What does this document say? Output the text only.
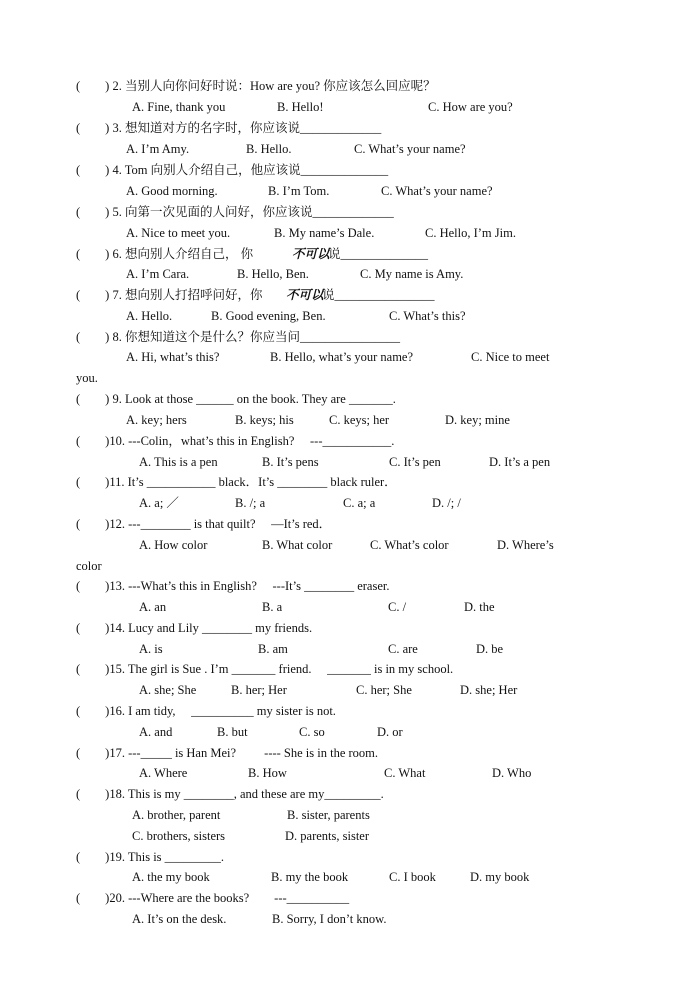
(　　) 2. 当别人向你问好时说：How are you? 你应该怎么回应呢？
A. Fine, thank you	B. Hello!	C. How are you?
(　　) 3. 想知道对方的名字时，你应该说_____________
A. I’m Amy.	B. Hello.	C. What’s your name?
(　　) 4. Tom 向别人介绍自己，他应该说______________
A. Good morning.	B. I’m Tom.	C. What’s your name?
(　　) 5. 向第一次见面的人问好，你应该说_____________
A. Nice to meet you.	B. My name’s Dale.	C. Hello, I’m Jim.
(　　) 6. 想向别人介绍自己， 你	不可以
说______________
A. I’m Cara.	B. Hello, Ben.	C. My name is Amy.
(　　) 7. 想向别人打招呼问好，你 不可以
说________________
A. Hello.	B. Good evening, Ben.	C. What’s this?
(　　) 8. 你想知道这个是什么？你应当问________________
A. Hi, what’s this?	B. Hello, what’s your name?	C. Nice to meet
you.
(　　) 9. Look at those ______ on the book. They are _______.
A. key; hers	B. keys; his	C. keys; her	D. key; mine
(　　)10. ---Colin，what’s this in English?　 ---___________.
A. This is a pen	B. It’s pens	C. It’s pen	D. It’s a pen
(　　)11. It’s ___________ black．It’s ________ black ruler．
A. a; ／	B. /; a	C. a; a	D. /; /
(　　)12. ---________ is that quilt?　 —It’s red．
A. How color	B. What color	C. What’s color	D. Where’s
color
(　　)13. ---What’s this in English?　 ---It’s ________ eraser.
A. an	B. a	C. /	D. the
(　　)14. Lucy and Lily ________ my friends.
A. is	B. am	C. are	D. be
(　　)15. The girl is Sue . I’m _______ friend.　 _______ is in my school.
A. she; She	B. her; Her	C. her; She	D. she; Her
(　　)16. I am tidy,　 __________ my sister is not.
A. and	B. but	C. so	D. or
(　　)17. ---_____ is Han Mei?　　 ---- She is in the room.
A. Where	B. How	C. What	D. Who
(　　)18. This is my ________, and these are my_________.
A. brother, parent	B. sister, parents
C. brothers, sisters	D. parents, sister
(　　)19. This is _________.
A. the my book	B. my the book	C. I book	D. my book
(　　)20. ---Where are the books?　　---__________
A. It’s on the desk.	B. Sorry, I don’t know.
